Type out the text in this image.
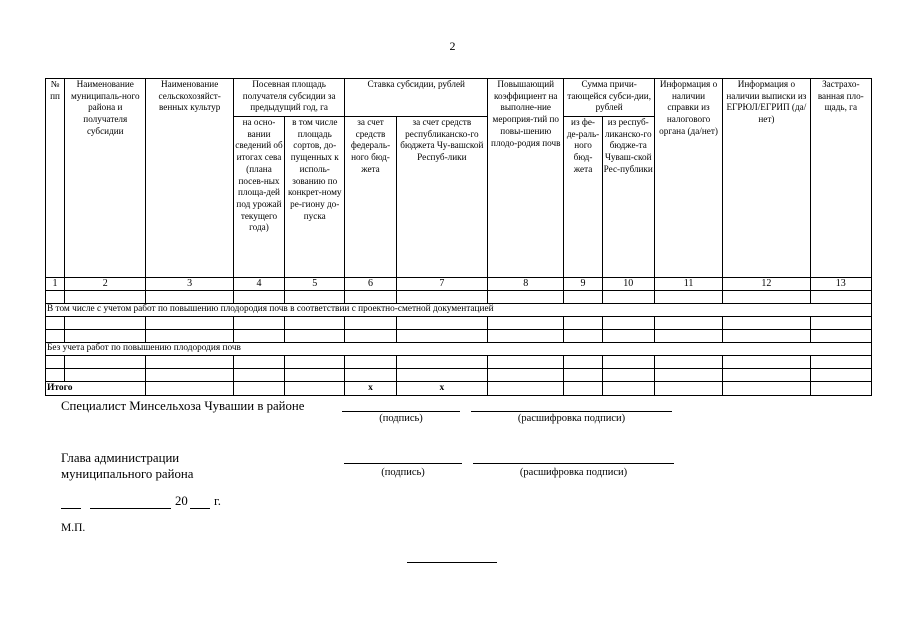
2
№ пп	Наименование муниципаль-ного района и получателя субсидии	Наименование сельскохозяйст-венных культур	Посевная площадь получателя субсидии за предыдущий год, га		Ставка субсидии, рублей		Повышающий коэффициент на выполне-ние мероприя-тий по повы-шению плодо-родия почв	Сумма причи-тающейся субси-дии, рублей		Информация о наличии справки из налогового органа (да/нет)	Информация о наличии выписки из ЕГРЮЛ/ЕГРИП (да/нет)	Застрахо-ванная пло-щадь, га
			на осно-вании сведений об итогах сева (плана посев-ных площа-дей под урожай текущего года)	в том числе площадь сортов, до-пущенных к исполь-зованию по конкрет-ному ре-гиону до-пуска	за счет средств федераль-ного бюд-жета	за счет средств республиканско-го бюджета Чу-вашской Респуб-лики		из фе-де-раль-ного бюд-жета	из респуб-ликанско-го бюдже-та Чуваш-ской Рес-публики			
1	2	3	4	5	6	7	8	9	10	11	12	13

В том числе с учетом работ по повышению плодородия почв в соответствии с проектно-сметной документацией												

Без учета работ по повышению плодородия почв												

Итого					x	x						
Специалист Минсельхоза Чувашии в районе
(подпись)	(расшифровка подписи)
Глава администрации
муниципального района	(подпись)	(расшифровка подписи)
20 г.
М.П.
